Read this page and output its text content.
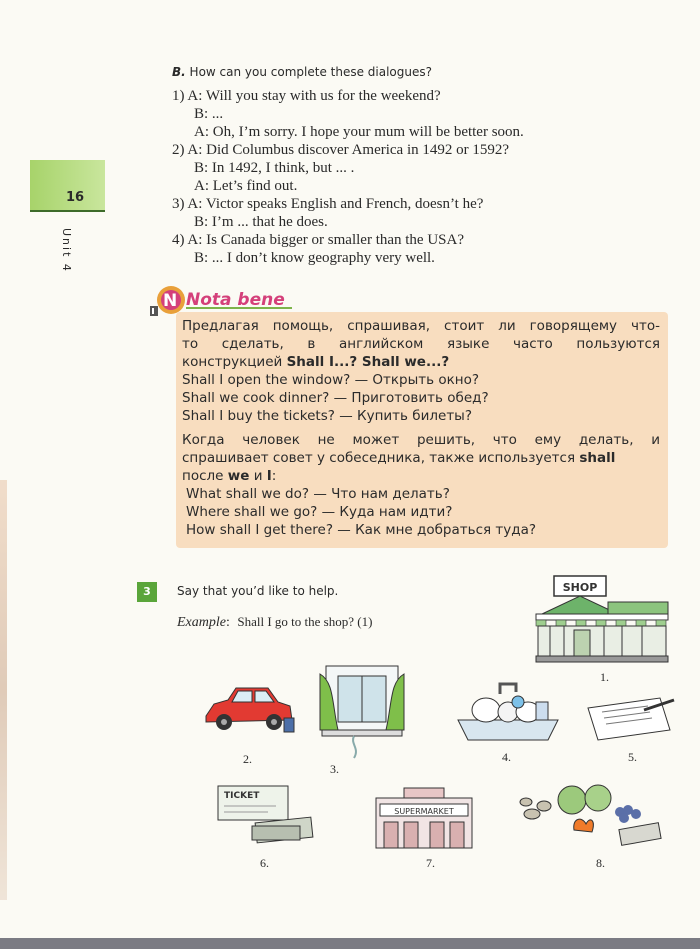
16
Unit 4
B. How can you complete these dialogues?
1) A: Will you stay with us for the weekend?
B: ...
A: Oh, I’m sorry. I hope your mum will be better soon.
2) A: Did Columbus discover America in 1492 or 1592?
B: In 1492, I think, but ... .
A: Let’s find out.
3) A: Victor speaks English and French, doesn’t he?
B: I’m ... that he does.
4) A: Is Canada bigger or smaller than the USA?
B: ... I don’t know geography very well.
N Nota bene
Предлагая помощь, спрашивая, стоит ли говорящему что-
то сделать, в английском языке часто пользуются
конструкцией Shall I...? Shall we...?
Shall I open the window? — Открыть окно?
Shall we cook dinner? — Приготовить обед?
Shall I buy the tickets? — Купить билеты?
Когда человек не может решить, что ему делать, и
спрашивает совет у собеседника, также используется shall
после we и I:
What shall we do? — Что нам делать?
Where shall we go? — Куда нам идти?
How shall I get there? — Как мне добраться туда?
3	Say that you’d like to help.
Example: Shall I go to the shop? (1)
SHOP
1.
2.
3.
4.	5.
TICKET
6.
SUPERMARKET
7.	8.
